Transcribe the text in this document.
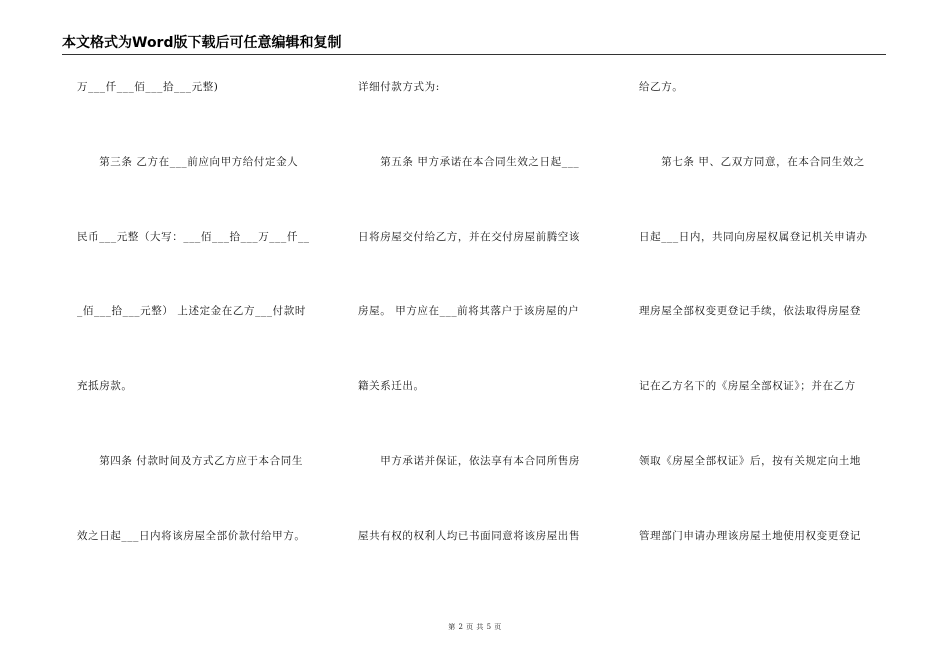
本文格式为Word版下载后可任意编辑和复制
万___仟___佰___拾___元整)
　　第三条 乙方在___前应向甲方给付定金人
民币___元整（大写：___佰___拾___万___仟__
_佰___拾___元整） 上述定金在乙方___付款时
充抵房款。
　　第四条 付款时间及方式乙方应于本合同生
效之日起___日内将该房屋全部价款付给甲方。
详细付款方式为:
　　第五条 甲方承诺在本合同生效之日起___
日将房屋交付给乙方，并在交付房屋前腾空该
房屋。 甲方应在___前将其落户于该房屋的户
籍关系迁出。
　　甲方承诺并保证，依法享有本合同所售房
屋共有权的权利人均已书面同意将该房屋出售
给乙方。
　　第七条 甲、乙双方同意，在本合同生效之
日起___日内，共同向房屋权属登记机关申请办
理房屋全部权变更登记手续，依法取得房屋登
记在乙方名下的《房屋全部权证》；并在乙方
领取《房屋全部权证》后，按有关规定向土地
管理部门申请办理该房屋土地使用权变更登记
第 2 页 共 5 页
